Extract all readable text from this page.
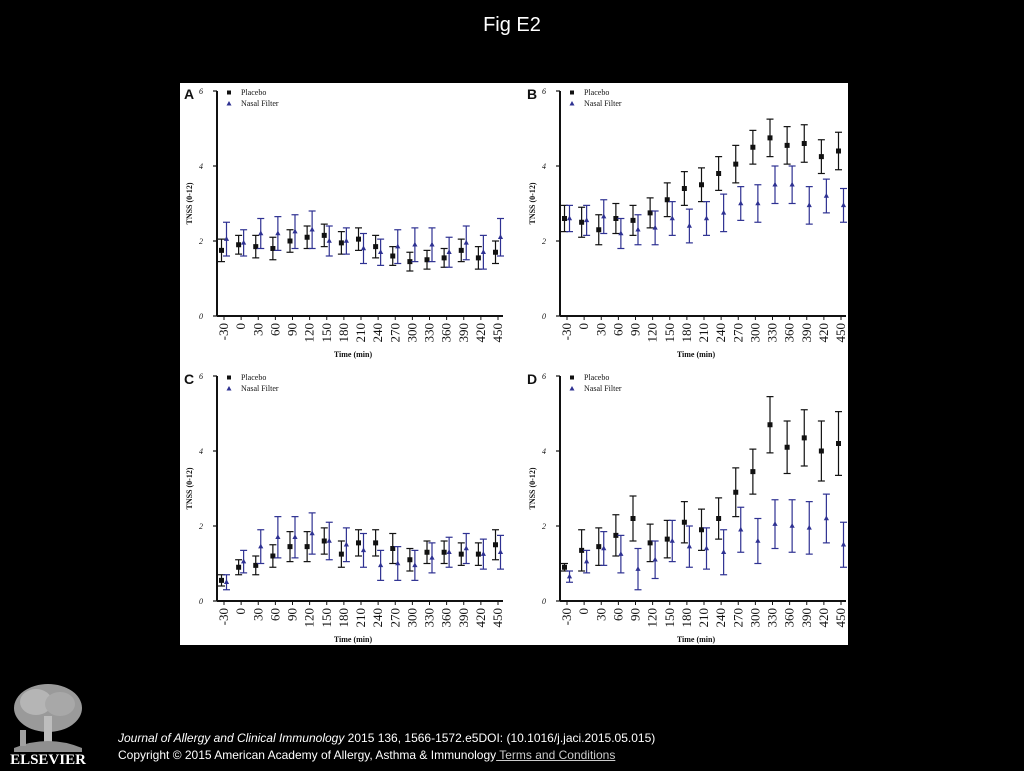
Fig E2
A
0
2
4
6
TNSS (0-12)
-30 0 30 60 90 120 150 180 210 240 270 300 330 360 390 420 450
Time (min)
Placebo
Nasal Filter
B
0
2
4
6
TNSS (0-12)
-30 0 30 60 90 120 150 180 210 240 270 300 330 360 390 420 450
Time (min)
Placebo
Nasal Filter
C
0
2
4
6
TNSS (0-12)
-30 0 30 60 90 120 150 180 210 240 270 300 330 360 390 420 450
Time (min)
Placebo
Nasal Filter
D
0
2
4
6
TNSS (0-12)
-30 0 30 60 90 120 150 180 210 240 270 300 330 360 390 420 450
Time (min)
Placebo
Nasal Filter
ELSEVIER
Journal of Allergy and Clinical Immunology 2015 136, 1566-1572.e5DOI: (10.1016/j.jaci.2015.05.015)
Copyright © 2015 American Academy of Allergy, Asthma & Immunology Terms and Conditions
